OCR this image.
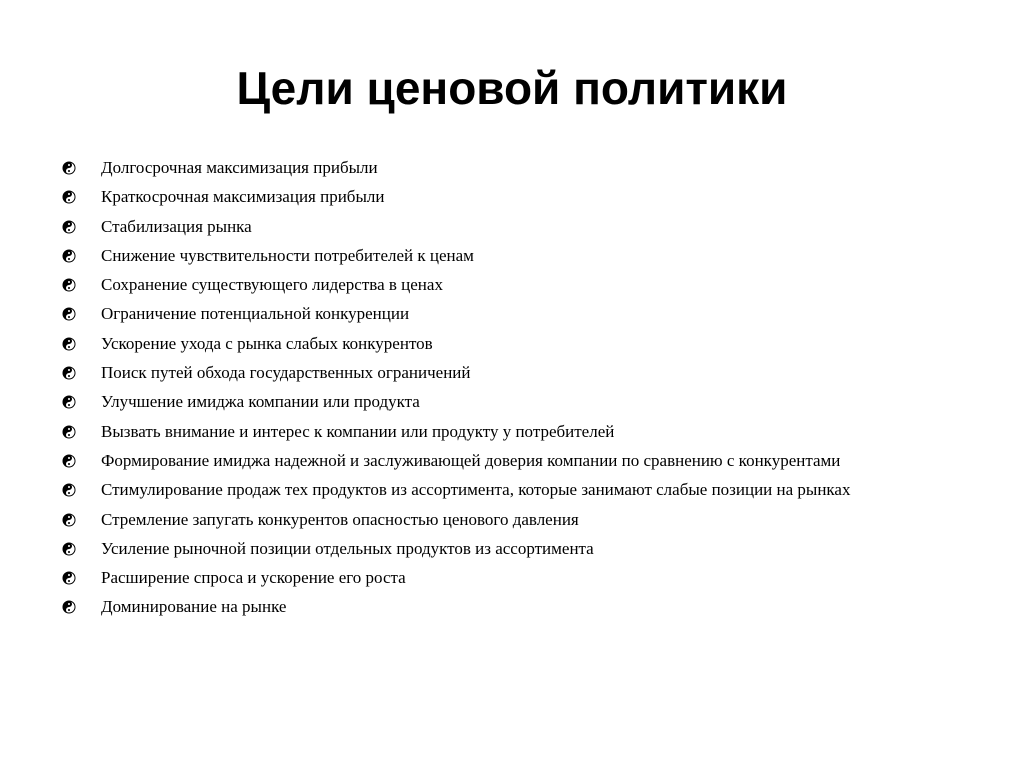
Цели ценовой политики
Долгосрочная максимизация прибыли
Краткосрочная максимизация прибыли
Стабилизация рынка
Снижение чувствительности потребителей к ценам
Сохранение существующего лидерства в ценах
Ограничение потенциальной конкуренции
Ускорение ухода с рынка слабых конкурентов
Поиск путей обхода государственных ограничений
Улучшение имиджа компании или продукта
Вызвать внимание и интерес к компании или продукту у потребителей
Формирование имиджа надежной и заслуживающей доверия компании по сравнению с конкурентами
Стимулирование продаж тех продуктов из ассортимента, которые занимают слабые позиции на рынках
Стремление запугать конкурентов опасностью ценового давления
Усиление рыночной позиции отдельных продуктов из ассортимента
Расширение спроса и ускорение его роста
Доминирование на рынке
